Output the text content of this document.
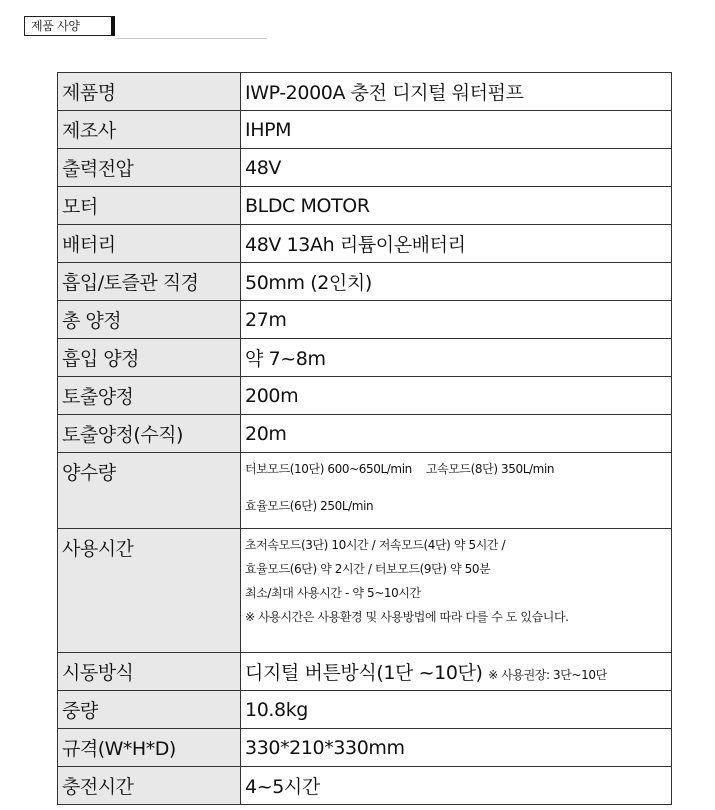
제품 사양
제품명	IWP-2000A 충전 디지털 워터펌프
제조사	IHPM
출력전압	48V
모터	BLDC MOTOR
배터리	48V 13Ah 리튬이온배터리
흡입/토즐관 직경	50mm (2인치)
총 양정	27m
흡입 양정	약 7~8m
토출양정	200m
토출양정(수직)	20m
양수량	터보모드(10단) 600~650L/min 고속모드(8단) 350L/min
효율모드(6단) 250L/min

사용시간	초저속모드(3단) 10시간 / 저속모드(4단) 약 5시간 /
효율모드(6단) 약 2시간 / 터보모드(9단) 약 50분
최소/최대 사용시간 - 약 5~10시간
※ 사용시간은 사용환경 및 사용방법에 따라 다를 수 도 있습니다.

시동방식	디지털 버튼방식(1단 ~10단) ※ 사용권장: 3단~10단
중량	10.8kg
규격(W*H*D)	330*210*330mm
충전시간	4~5시간
